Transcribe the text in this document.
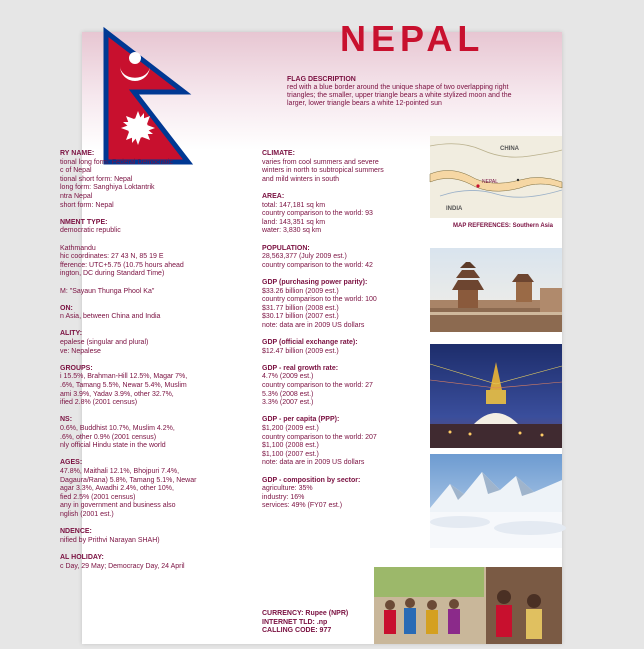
NEPAL
FLAG DESCRIPTION
red with a blue border around the unique shape of two overlapping right
triangles; the smaller, upper triangle bears a white stylized moon and the
larger, lower triangle bears a white 12-pointed sun
RY NAME:
tional long form: Federal Democratic
c of Nepal
tional short form: Nepal
long form: Sanghiya Loktantrik
ntra Nepal
short form: Nepal
NMENT TYPE:
democratic republic
Kathmandu
hic coordinates: 27 43 N, 85 19 E
fference: UTC+5.75 (10.75 hours ahead
ington, DC during Standard Time)
M: "Sayaun Thunga Phool Ka"
ON:
n Asia, between China and India
ALITY:
epalese (singular and plural)
ve: Nepalese
GROUPS:
i 15.5%, Brahman-Hill 12.5%, Magar 7%,
.6%, Tamang 5.5%, Newar 5.4%, Muslim
ami 3.9%, Yadav 3.9%, other 32.7%,
ified 2.8% (2001 census)
NS:
0.6%, Buddhist 10.7%, Muslim 4.2%,
.6%, other 0.9% (2001 census)
nly official Hindu state in the world
AGES:
47.8%, Maithali 12.1%, Bhojpuri 7.4%,
Dagaura/Rana) 5.8%, Tamang 5.1%, Newar
agar 3.3%, Awadhi 2.4%, other 10%,
fied 2.5% (2001 census)
any in government and business also
nglish (2001 est.)
NDENCE:
nified by Prithvi Narayan SHAH)
AL HOLIDAY:
c Day, 29 May; Democracy Day, 24 April
CLIMATE:
varies from cool summers and severe
winters in north to subtropical summers
and mild winters in south
AREA:
total: 147,181 sq km
country comparison to the world: 93
land: 143,351 sq km
water: 3,830 sq km
POPULATION:
28,563,377 (July 2009 est.)
country comparison to the world: 42
GDP (purchasing power parity):
$33.26 billion (2009 est.)
country comparison to the world: 100
$31.77 billion (2008 est.)
$30.17 billion (2007 est.)
note: data are in 2009 US dollars
GDP (official exchange rate):
$12.47 billion (2009 est.)
GDP - real growth rate:
4.7% (2009 est.)
country comparison to the world: 27
5.3% (2008 est.)
3.3% (2007 est.)
GDP - per capita (PPP):
$1,200 (2009 est.)
country comparison to the world: 207
$1,100 (2008 est.)
$1,100 (2007 est.)
note: data are in 2009 US dollars
GDP - composition by sector:
agriculture: 35%
industry: 16%
services: 49% (FY07 est.)
CHINA
INDIA
NEPAL
MAP REFERENCES: Southern Asia
CURRENCY: Rupee (NPR)
INTERNET TLD: .np
CALLING CODE: 977
